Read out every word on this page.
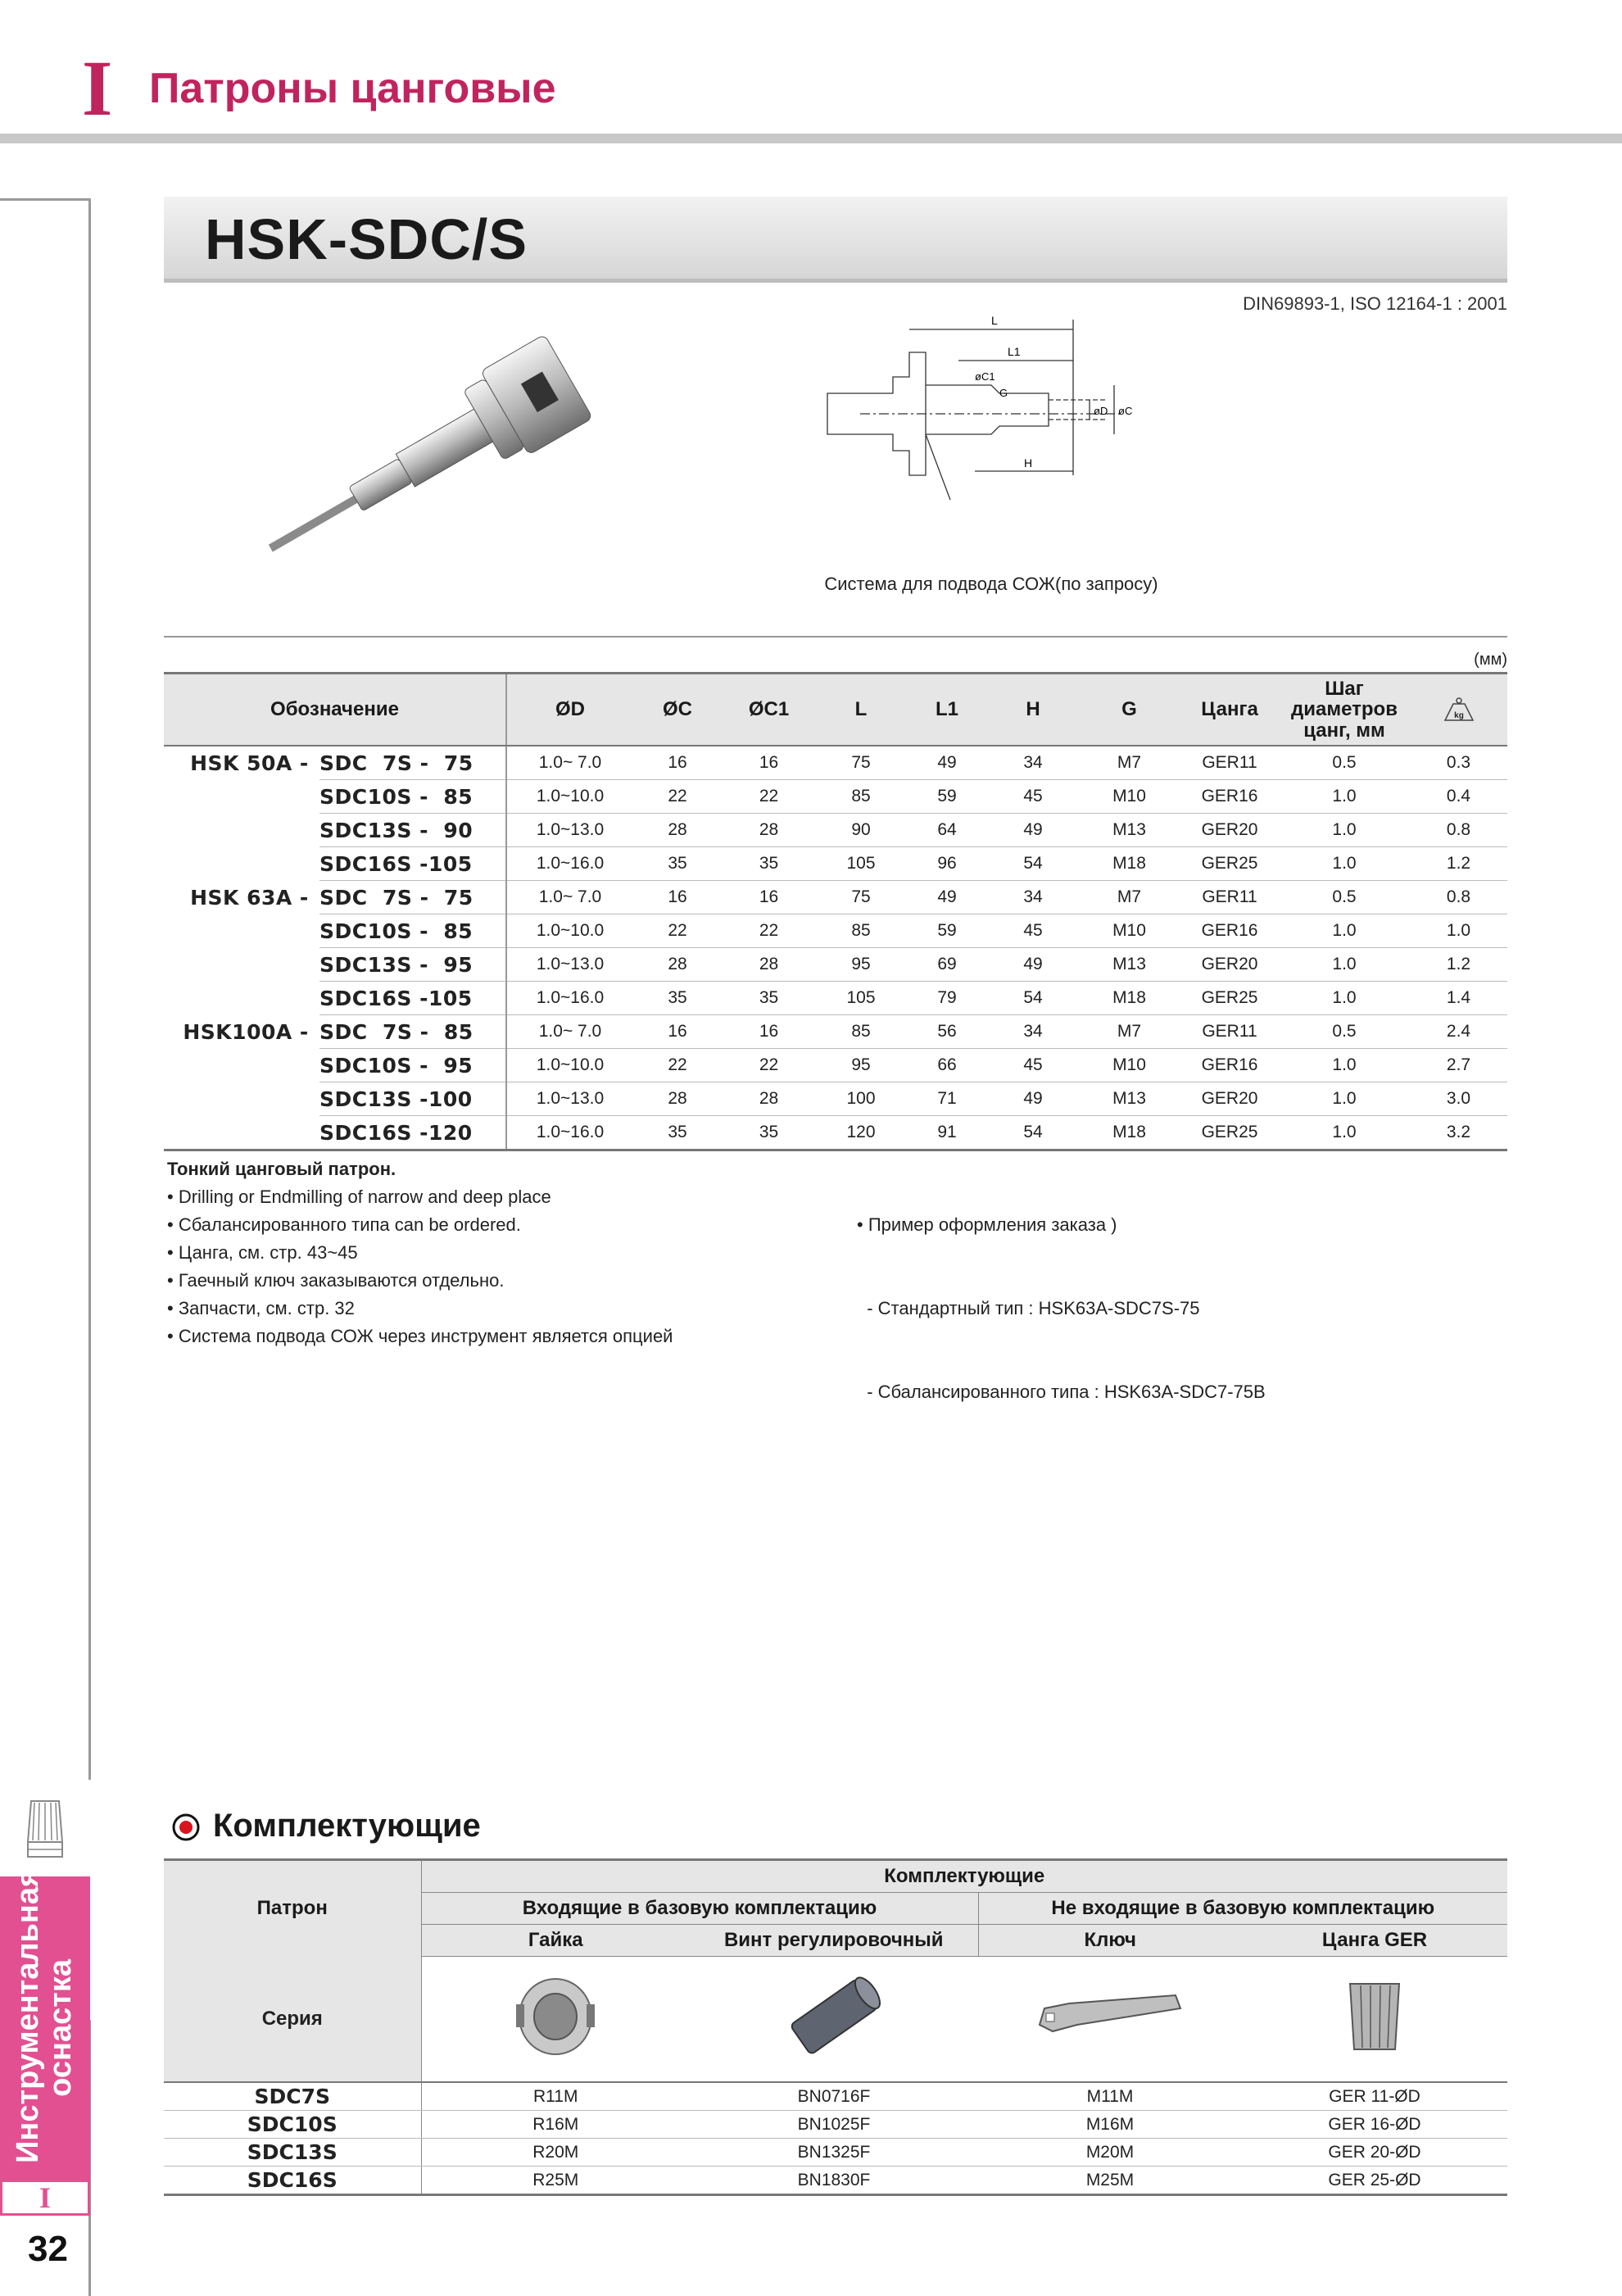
I Патроны цанговые
Инструментальная оснастка
I
32
HSK-SDC/S
DIN69893-1, ISO 12164-1 : 2001
L
L1
øC1
G
øD øC
H
Система для подвода СОЖ(по запросу)
(мм)
Обозначение		ØD	ØC	ØC1	L	L1	H	G	Цанга	Шаг диаметров цанг, мм	kg

HSK 50A -	SDC  7S -  75	1.0~ 7.0	16	16	75	49	34	M7	GER11	0.5	0.3
	SDC10S -  85	1.0~10.0	22	22	85	59	45	M10	GER16	1.0	0.4
	SDC13S -  90	1.0~13.0	28	28	90	64	49	M13	GER20	1.0	0.8
	SDC16S -105	1.0~16.0	35	35	105	96	54	M18	GER25	1.0	1.2
HSK 63A -	SDC  7S -  75	1.0~ 7.0	16	16	75	49	34	M7	GER11	0.5	0.8
	SDC10S -  85	1.0~10.0	22	22	85	59	45	M10	GER16	1.0	1.0
	SDC13S -  95	1.0~13.0	28	28	95	69	49	M13	GER20	1.0	1.2
	SDC16S -105	1.0~16.0	35	35	105	79	54	M18	GER25	1.0	1.4
HSK100A -	SDC  7S -  85	1.0~ 7.0	16	16	85	56	34	M7	GER11	0.5	2.4
	SDC10S -  95	1.0~10.0	22	22	95	66	45	M10	GER16	1.0	2.7
	SDC13S -100	1.0~13.0	28	28	100	71	49	M13	GER20	1.0	3.0
	SDC16S -120	1.0~16.0	35	35	120	91	54	M18	GER25	1.0	3.2
Тонкий цанговый патрон.
• Drilling or Endmilling of narrow and deep place
• Сбалансированного типа can be ordered.
• Цанга, см. стр. 43~45
• Гаечный ключ заказываются отдельно.
• Запчасти, см. стр. 32
• Система подвода СОЖ через инструмент является опцией

• Пример оформления заказа )

- Стандартный тип : HSK63A-SDC7S-75

- Сбалансированного типа : HSK63A-SDC7-75B

Комплектующие
Патрон	Комплектующие			
	Входящие в базовую комплектацию		Не входящие в базовую комплектацию	
	Гайка	Винт регулировочный	Ключ	Цанга GER
Серия				
SDC7S	R11M	BN0716F	M11M	GER 11-ØD
SDC10S	R16M	BN1025F	M16M	GER 16-ØD
SDC13S	R20M	BN1325F	M20M	GER 20-ØD
SDC16S	R25M	BN1830F	M25M	GER 25-ØD
